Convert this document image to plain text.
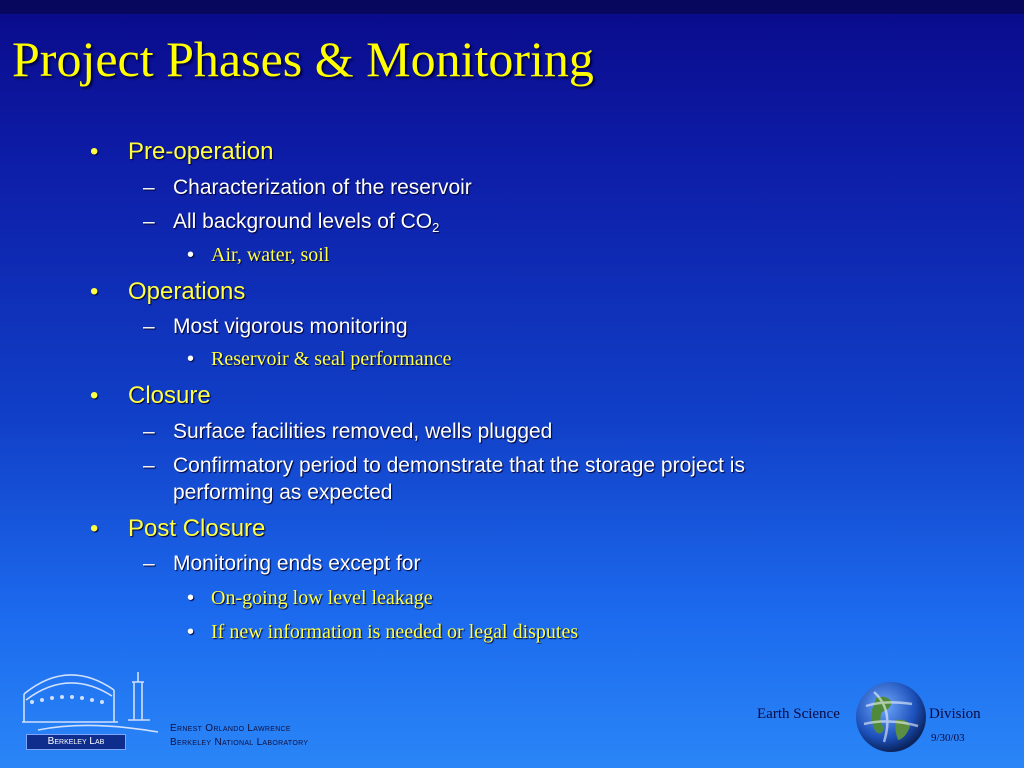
Project Phases & Monitoring
• Pre-operation
– Characterization of the reservoir
– All background levels of $CO_2$
• Air, water, soil
• Operations
– Most vigorous monitoring
• Reservoir & seal performance
• Closure
– Surface facilities removed, wells plugged
– Confirmatory period to demonstrate that the storage project is
performing as expected
• Post Closure
– Monitoring ends except for
• On-going low level leakage
• If new information is needed or legal disputes
Berkeley Lab
Ernest Orlando Lawrence
Berkeley National Laboratory
Earth Science	Division
9/30/03
